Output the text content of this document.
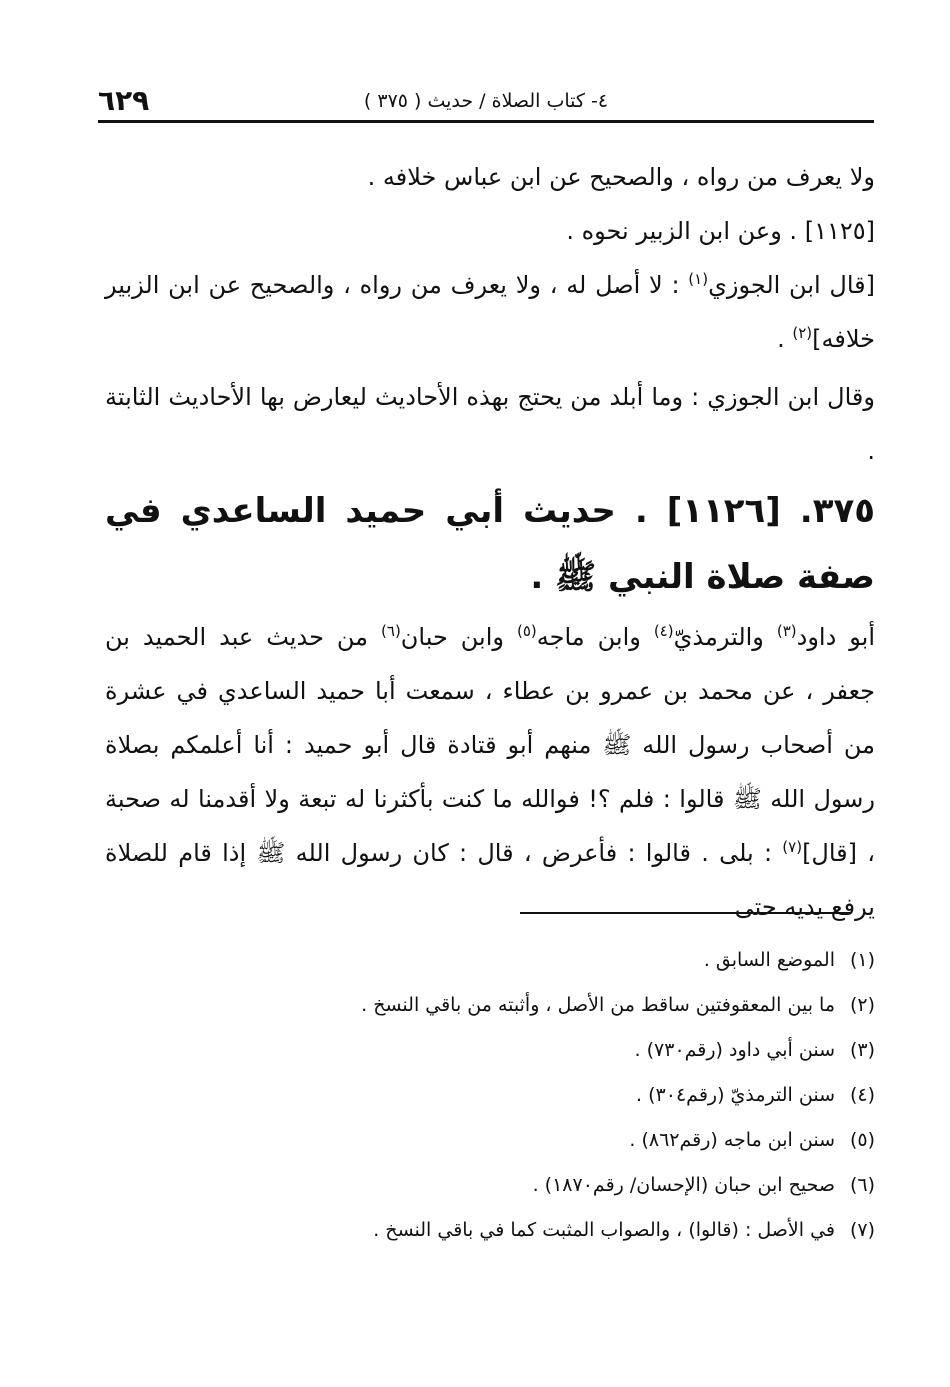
٦٢٩	٤- كتاب الصلاة / حديث ( ٣٧٥ )

ولا يعرف من رواه ، والصحيح عن ابن عباس خلافه .

[١١٢٥] . وعن ابن الزبير نحوه .

[قال ابن الجوزي$^{(١)}$ : لا أصل له ، ولا يعرف من رواه ، والصحيح عن ابن الزبير خلافه]$^{(٢)}$ .

وقال ابن الجوزي : وما أبلد من يحتج بهذه الأحاديث ليعارض بها الأحاديث الثابتة .

٣٧٥. [١١٢٦] . حديث أبي حميد الساعدي في صفة صلاة النبي ﷺ .

أبو داود$^{(٣)}$ والترمذيّ$^{(٤)}$ وابن ماجه$^{(٥)}$ وابن حبان$^{(٦)}$ من حديث عبد الحميد بن جعفر ، عن محمد بن عمرو بن عطاء ، سمعت أبا حميد الساعدي في عشرة من أصحاب رسول الله ﷺ منهم أبو قتادة قال أبو حميد : أنا أعلمكم بصلاة رسول الله ﷺ قالوا : فلم ؟! فوالله ما كنت بأكثرنا له تبعة ولا أقدمنا له صحبة ، [قال]$^{(٧)}$ : بلى . قالوا : فأعرض ، قال : كان رسول الله ﷺ إذا قام للصلاة يرفع يديه حتى

(١)
الموضع السابق .
(٢)
ما بين المعقوفتين ساقط من الأصل ، وأثبته من باقي النسخ .
(٣)
سنن أبي داود (رقم٧٣٠) .
(٤)
سنن الترمذيّ (رقم٣٠٤) .
(٥)
سنن ابن ماجه (رقم٨٦٢) .
(٦)
صحيح ابن حبان (الإحسان/ رقم١٨٧٠) .
(٧)
في الأصل : (قالوا) ، والصواب المثبت كما في باقي النسخ .
